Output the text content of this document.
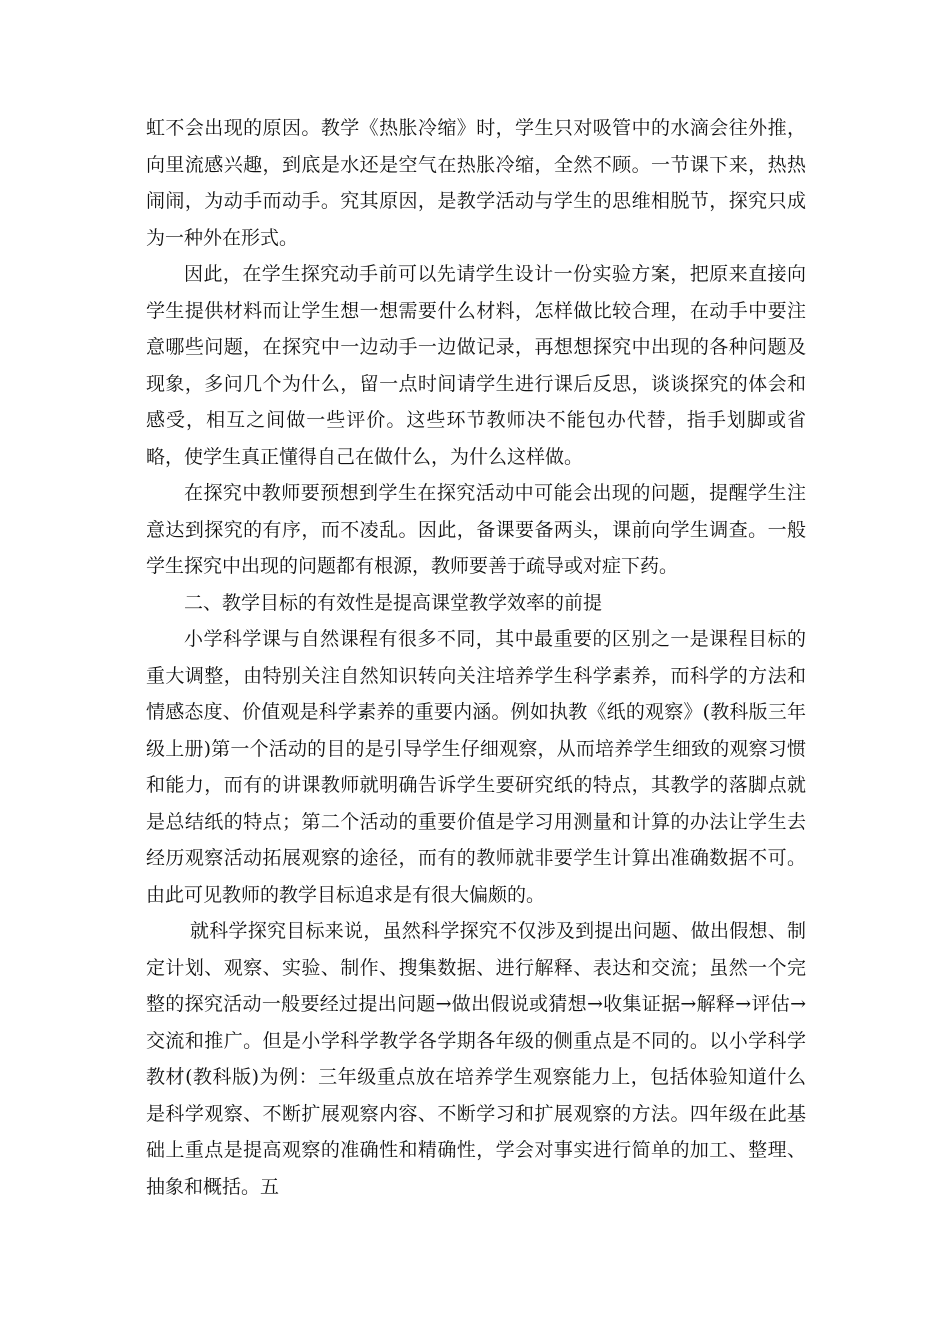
虹不会出现的原因。教学《热胀冷缩》时，学生只对吸管中的水滴会往外推，向里流感兴趣，到底是水还是空气在热胀冷缩，全然不顾。一节课下来，热热闹闹，为动手而动手。究其原因，是教学活动与学生的思维相脱节，探究只成为一种外在形式。

因此，在学生探究动手前可以先请学生设计一份实验方案，把原来直接向学生提供材料而让学生想一想需要什么材料，怎样做比较合理，在动手中要注意哪些问题，在探究中一边动手一边做记录，再想想探究中出现的各种问题及现象，多问几个为什么，留一点时间请学生进行课后反思，谈谈探究的体会和感受，相互之间做一些评价。这些环节教师决不能包办代替，指手划脚或省略，使学生真正懂得自己在做什么，为什么这样做。

在探究中教师要预想到学生在探究活动中可能会出现的问题，提醒学生注意达到探究的有序，而不凌乱。因此，备课要备两头，课前向学生调查。一般学生探究中出现的问题都有根源，教师要善于疏导或对症下药。

二、教学目标的有效性是提高课堂教学效率的前提

小学科学课与自然课程有很多不同，其中最重要的区别之一是课程目标的重大调整，由特别关注自然知识转向关注培养学生科学素养，而科学的方法和情感态度、价值观是科学素养的重要内涵。例如执教《纸的观察》(教科版三年级上册)第一个活动的目的是引导学生仔细观察，从而培养学生细致的观察习惯和能力，而有的讲课教师就明确告诉学生要研究纸的特点，其教学的落脚点就是总结纸的特点；第二个活动的重要价值是学习用测量和计算的办法让学生去经历观察活动拓展观察的途径，而有的教师就非要学生计算出准确数据不可。由此可见教师的教学目标追求是有很大偏颇的。

就科学探究目标来说，虽然科学探究不仅涉及到提出问题、做出假想、制定计划、观察、实验、制作、搜集数据、进行解释、表达和交流；虽然一个完整的探究活动一般要经过提出问题→做出假说或猜想→收集证据→解释→评估→交流和推广。但是小学科学教学各学期各年级的侧重点是不同的。以小学科学教材(教科版)为例：三年级重点放在培养学生观察能力上，包括体验知道什么是科学观察、不断扩展观察内容、不断学习和扩展观察的方法。四年级在此基础上重点是提高观察的准确性和精确性，学会对事实进行简单的加工、整理、抽象和概括。五
